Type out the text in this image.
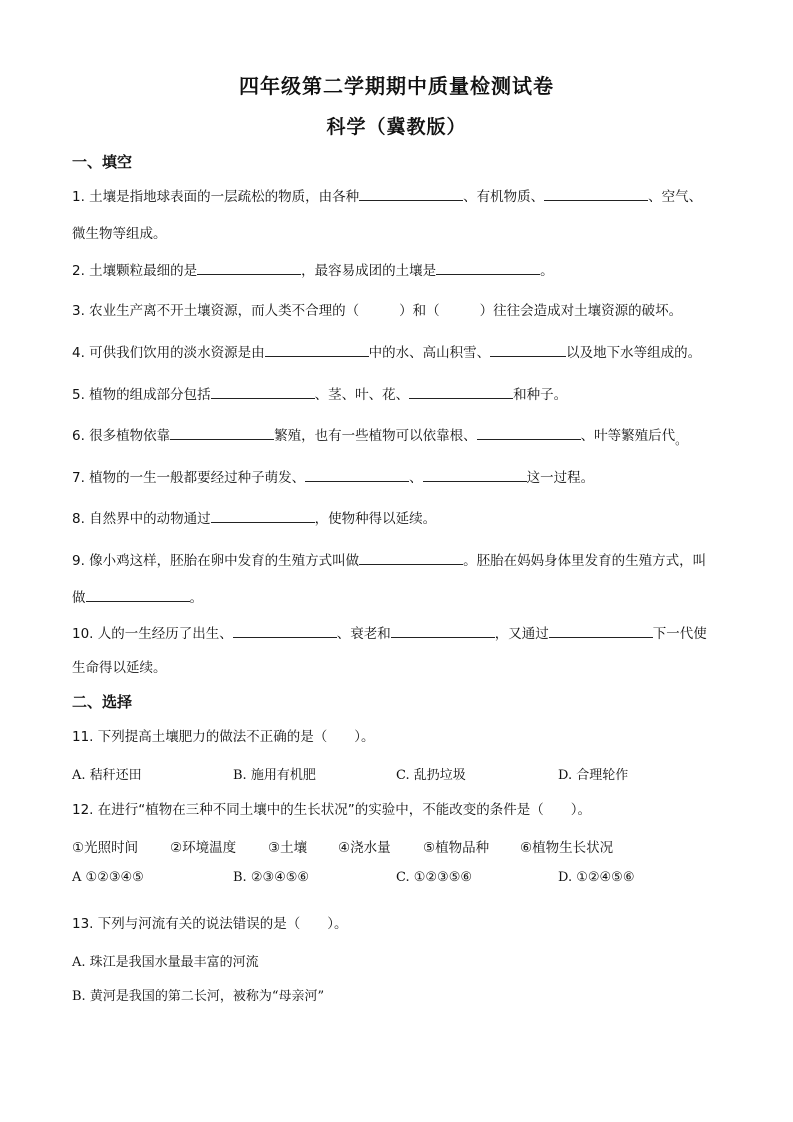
四年级第二学期期中质量检测试卷
科学（冀教版）
一、填空
1. 土壤是指地球表面的一层疏松的物质，由各种	、有机物质、	、空气、
微生物等组成。
2. 土壤颗粒最细的是	，最容易成团的土壤是	。
3. 农业生产离不开土壤资源，而人类不合理的（	）和（	）往往会造成对土壤资源的破坏。
4. 可供我们饮用的淡水资源是由	中的水、高山积雪、	以及地下水等组成的。
5. 植物的组成部分包括	、茎、叶、花、	和种子。
6. 很多植物依靠	繁殖，也有一些植物可以依靠根、	、叶等繁殖后代。
7. 植物的一生一般都要经过种子萌发、	、	这一过程。
8. 自然界中的动物通过	，使物种得以延续。
9. 像小鸡这样，胚胎在卵中发育的生殖方式叫做	。胚胎在妈妈身体里发育的生殖方式，叫
做	。
10. 人的一生经历了出生、	、衰老和	，又通过	下一代使
生命得以延续。
二、选择
11. 下列提高土壤肥力的做法不正确的是（　　）。
A. 秸秆还田	B. 施用有机肥	C. 乱扔垃圾	D. 合理轮作
12. 在进行“植物在三种不同土壤中的生长状况”的实验中，不能改变的条件是（　　）。
①光照时间 ②环境温度 ③土壤 ④浇水量 ⑤植物品种 ⑥植物生长状况
A ①②③④⑤	B. ②③④⑤⑥	C. ①②③⑤⑥	D. ①②④⑤⑥
13. 下列与河流有关的说法错误的是（　　）。
A. 珠江是我国水量最丰富的河流
B. 黄河是我国的第二长河，被称为“母亲河”
